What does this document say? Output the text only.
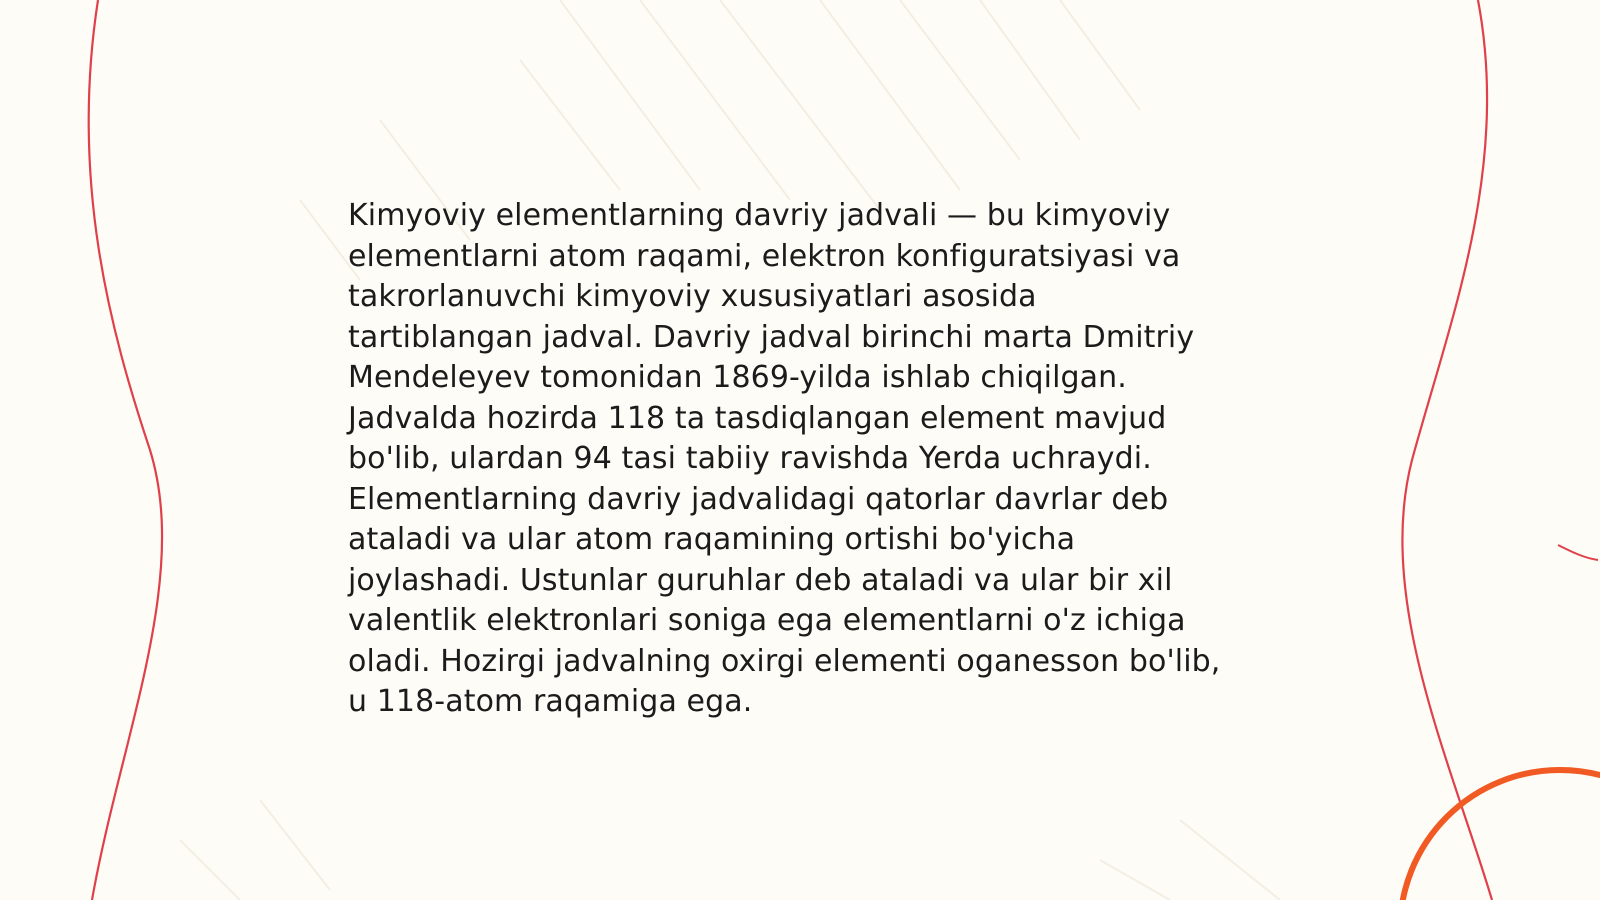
Kimyoviy elementlarning davriy jadvali — bu kimyoviy elementlarni atom raqami, elektron konfiguratsiyasi va takrorlanuvchi kimyoviy xususiyatlari asosida tartiblangan jadval. Davriy jadval birinchi marta Dmitriy Mendeleyev tomonidan 1869-yilda ishlab chiqilgan. Jadvalda hozirda 118 ta tasdiqlangan element mavjud bo'lib, ulardan 94 tasi tabiiy ravishda Yerda uchraydi. Elementlarning davriy jadvalidagi qatorlar davrlar deb ataladi va ular atom raqamining ortishi bo'yicha joylashadi. Ustunlar guruhlar deb ataladi va ular bir xil valentlik elektronlari soniga ega elementlarni o'z ichiga oladi. Hozirgi jadvalning oxirgi elementi oganesson bo'lib, u 118-atom raqamiga ega.
